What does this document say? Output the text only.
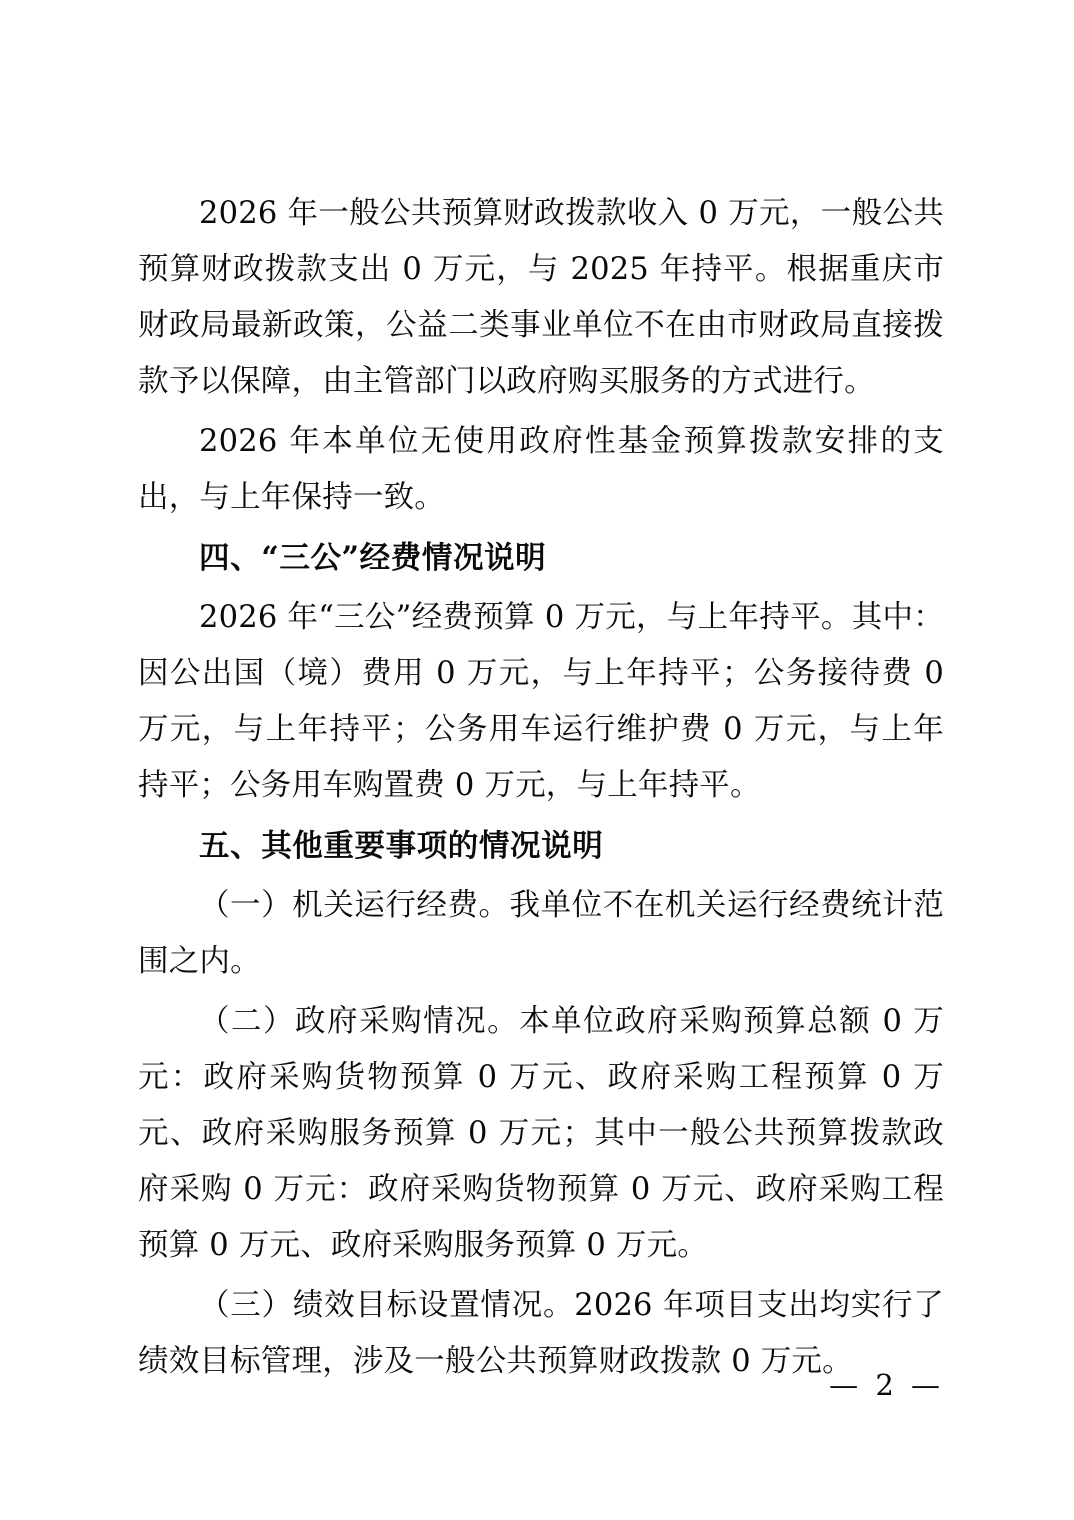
2026 年一般公共预算财政拨款收入 0 万元，一般公共预算财政拨款支出 0 万元，与 2025 年持平。根据重庆市财政局最新政策，公益二类事业单位不在由市财政局直接拨款予以保障，由主管部门以政府购买服务的方式进行。

2026 年本单位无使用政府性基金预算拨款安排的支出，与上年保持一致。

四、“三公”经费情况说明

2026 年“三公”经费预算 0 万元，与上年持平。其中：因公出国（境）费用 0 万元，与上年持平；公务接待费 0 万元，与上年持平；公务用车运行维护费 0 万元，与上年持平；公务用车购置费 0 万元，与上年持平。

五、其他重要事项的情况说明

（一）机关运行经费。我单位不在机关运行经费统计范围之内。

（二）政府采购情况。本单位政府采购预算总额 0 万元：政府采购货物预算 0 万元、政府采购工程预算 0 万元、政府采购服务预算 0 万元；其中一般公共预算拨款政府采购 0 万元：政府采购货物预算 0 万元、政府采购工程预算 0 万元、政府采购服务预算 0 万元。

（三）绩效目标设置情况。2026 年项目支出均实行了绩效目标管理，涉及一般公共预算财政拨款 0 万元。

— 2 —
